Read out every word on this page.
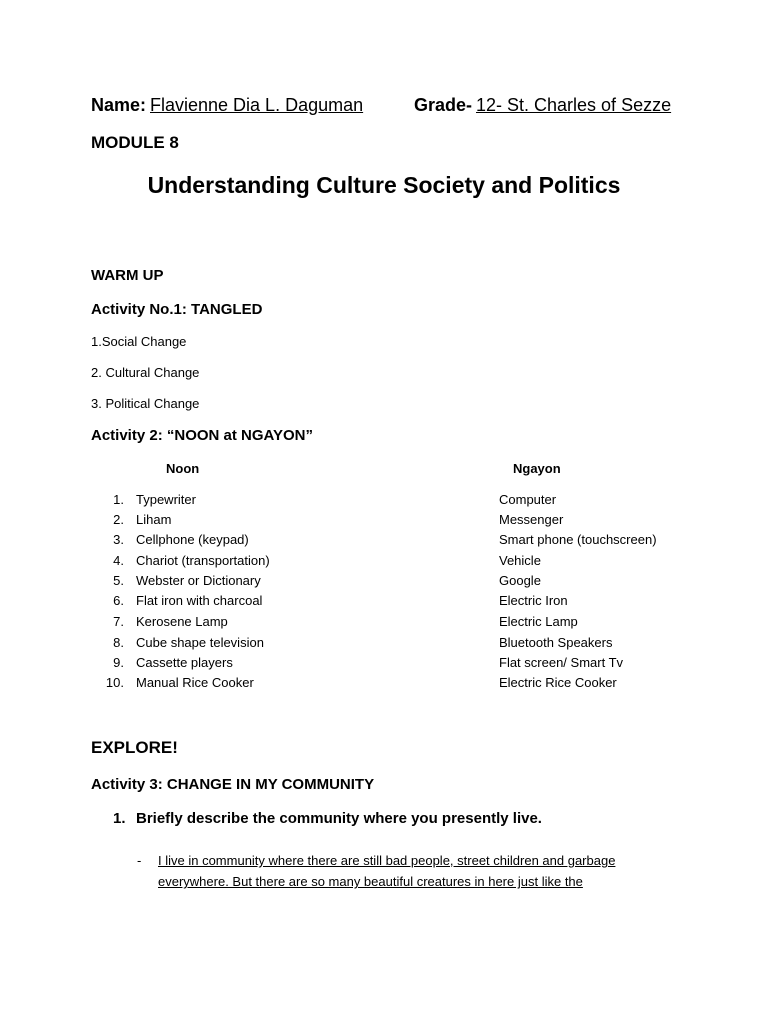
Name: Flavienne Dia L. Daguman	Grade- 12- St. Charles of Sezze
MODULE 8
Understanding Culture Society and Politics
WARM UP
Activity No.1: TANGLED
1.Social Change
2. Cultural Change
3. Political Change
Activity 2: “NOON at NGAYON”
Noon	Ngayon
1. Typewriter	Computer
2. Liham	Messenger
3. Cellphone (keypad)	Smart phone (touchscreen)
4. Chariot (transportation)	Vehicle
5. Webster or Dictionary	Google
6. Flat iron with charcoal	Electric Iron
7. Kerosene Lamp	Electric Lamp
8. Cube shape television	Bluetooth Speakers
9. Cassette players	Flat screen/ Smart Tv
10. Manual Rice Cooker	Electric Rice Cooker
EXPLORE!
Activity 3: CHANGE IN MY COMMUNITY
1. Briefly describe the community where you presently live.
- I live in community where there are still bad people, street children and garbage
everywhere. But there are so many beautiful creatures in here just like the
